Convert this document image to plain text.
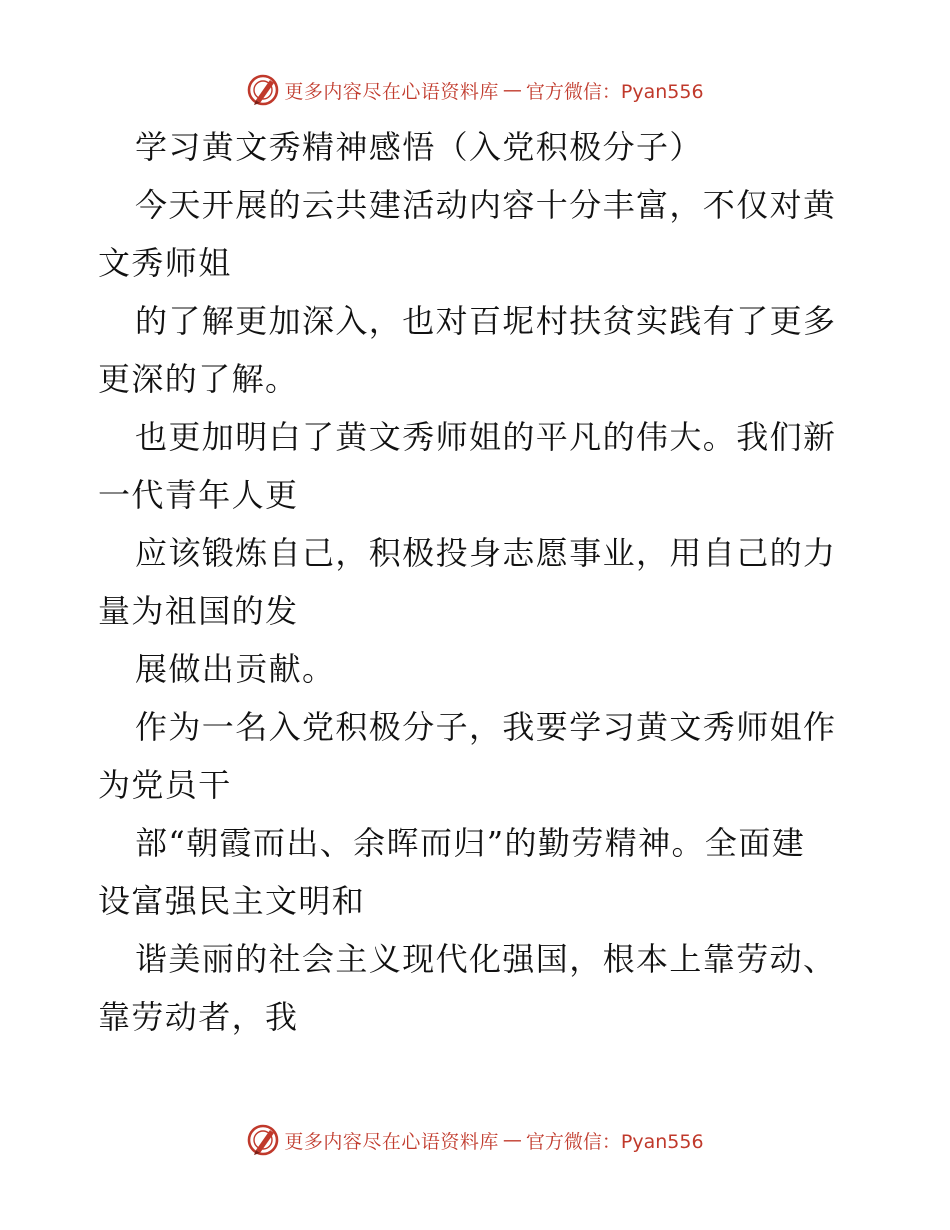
更多内容尽在心语资料库 — 官方微信：Pyan556
学习黄文秀精神感悟（入党积极分子）
今天开展的云共建活动内容十分丰富，不仅对黄
文秀师姐
的了解更加深入，也对百坭村扶贫实践有了更多
更深的了解。
也更加明白了黄文秀师姐的平凡的伟大。我们新
一代青年人更
应该锻炼自己，积极投身志愿事业，用自己的力
量为祖国的发
展做出贡献。
作为一名入党积极分子，我要学习黄文秀师姐作
为党员干
部“朝霞而出、余晖而归”的勤劳精神。全面建
设富强民主文明和
谐美丽的社会主义现代化强国，根本上靠劳动、
靠劳动者，我
更多内容尽在心语资料库 — 官方微信：Pyan556
